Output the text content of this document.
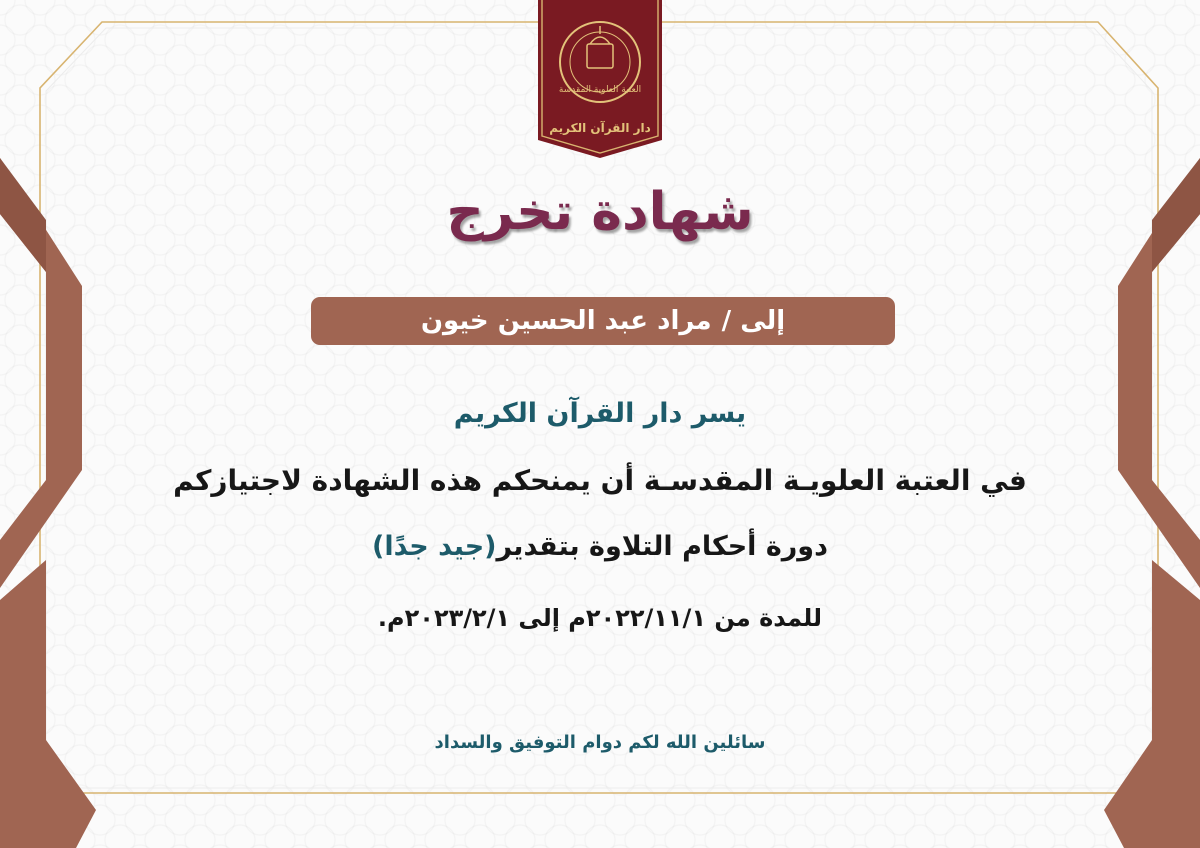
العتبة العلوية المقدسة
دار القرآن الكريم
شهادة تخرج
إلى /
مراد عبد الحسين خيون
يسر دار القرآن الكريم
في العتبة العلويـة المقدسـة أن يمنحكم هذه الشهادة لاجتيازكم
دورة أحكام التلاوة بتقدير(جيد جدًا)
للمدة من ٢٠٢٢/١١/١م إلى ٢٠٢٣/٢/١م.
سائلين الله لكم دوام التوفيق والسداد
